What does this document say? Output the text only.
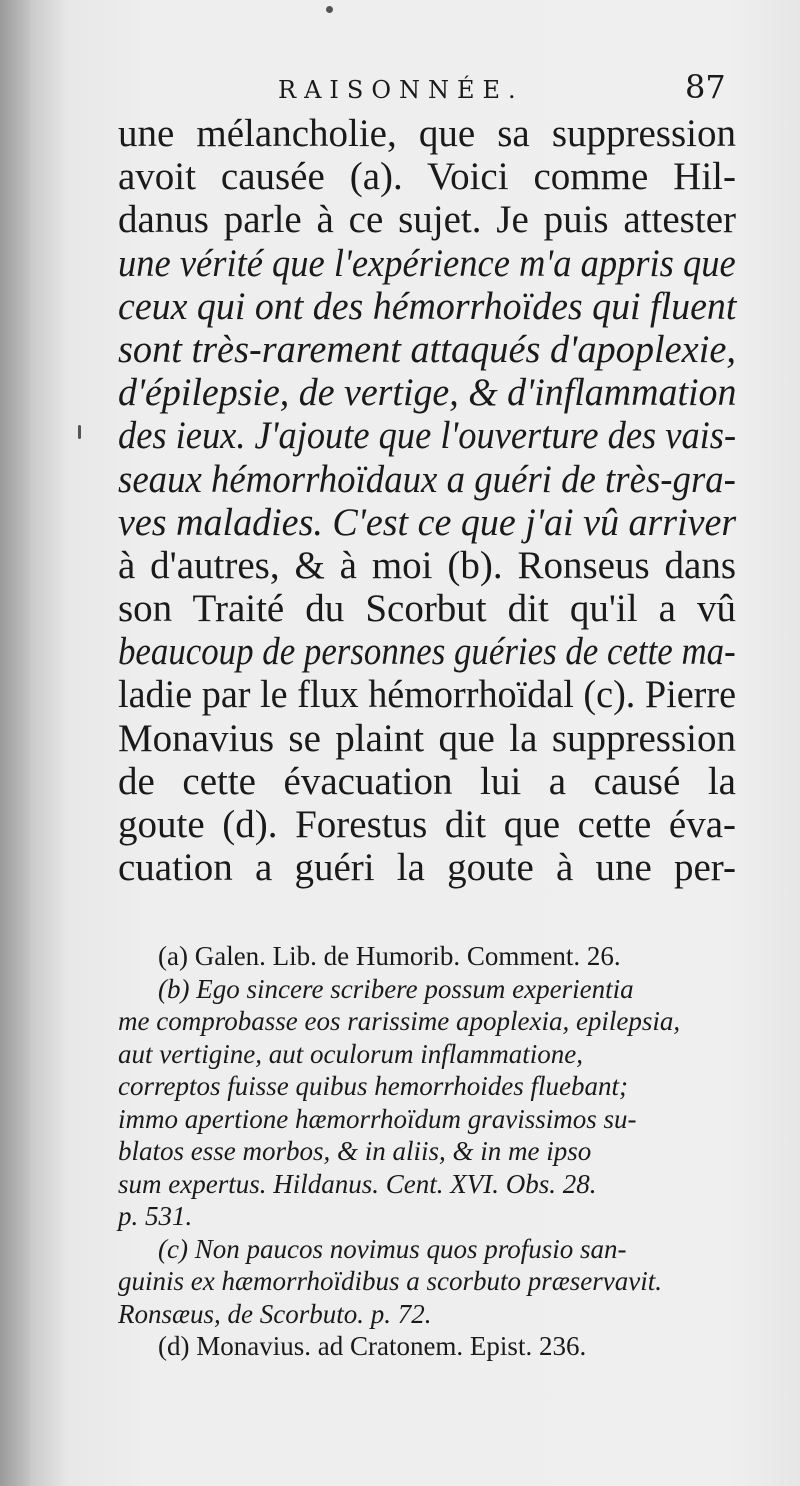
RAISONNÉE.	87
une mélancholie, que sa suppression
avoit causée (a). Voici comme Hil-
danus parle à ce sujet. Je puis attester
une vérité que l'expérience m'a appris que
ceux qui ont des hémorrhoïdes qui fluent
sont très-rarement attaqués d'apoplexie,
d'épilepsie, de vertige, & d'inflammation
des ieux. J'ajoute que l'ouverture des vais-
seaux hémorrhoïdaux a guéri de très-gra-
ves maladies. C'est ce que j'ai vû arriver
à d'autres, & à moi (b). Ronseus dans
son Traité du Scorbut dit qu'il a vû
beaucoup de personnes guéries de cette ma-
ladie par le flux hémorrhoïdal (c). Pierre
Monavius se plaint que la suppression
de cette évacuation lui a causé la
goute (d). Forestus dit que cette éva-
cuation a guéri la goute à une per-
(a) Galen. Lib. de Humorib. Comment. 26.
(b) Ego sincere scribere possum experientia
me comprobasse eos rarissime apoplexia, epilepsia,
aut vertigine, aut oculorum inflammatione,
correptos fuisse quibus hemorrhoides fluebant;
immo apertione hæmorrhoïdum gravissimos su-
blatos esse morbos, & in aliis, & in me ipso
sum expertus. Hildanus. Cent. XVI. Obs. 28.
p. 531.
(c) Non paucos novimus quos profusio san-
guinis ex hæmorrhoïdibus a scorbuto præservavit.
Ronsæus, de Scorbuto. p. 72.
(d) Monavius. ad Cratonem. Epist. 236.
